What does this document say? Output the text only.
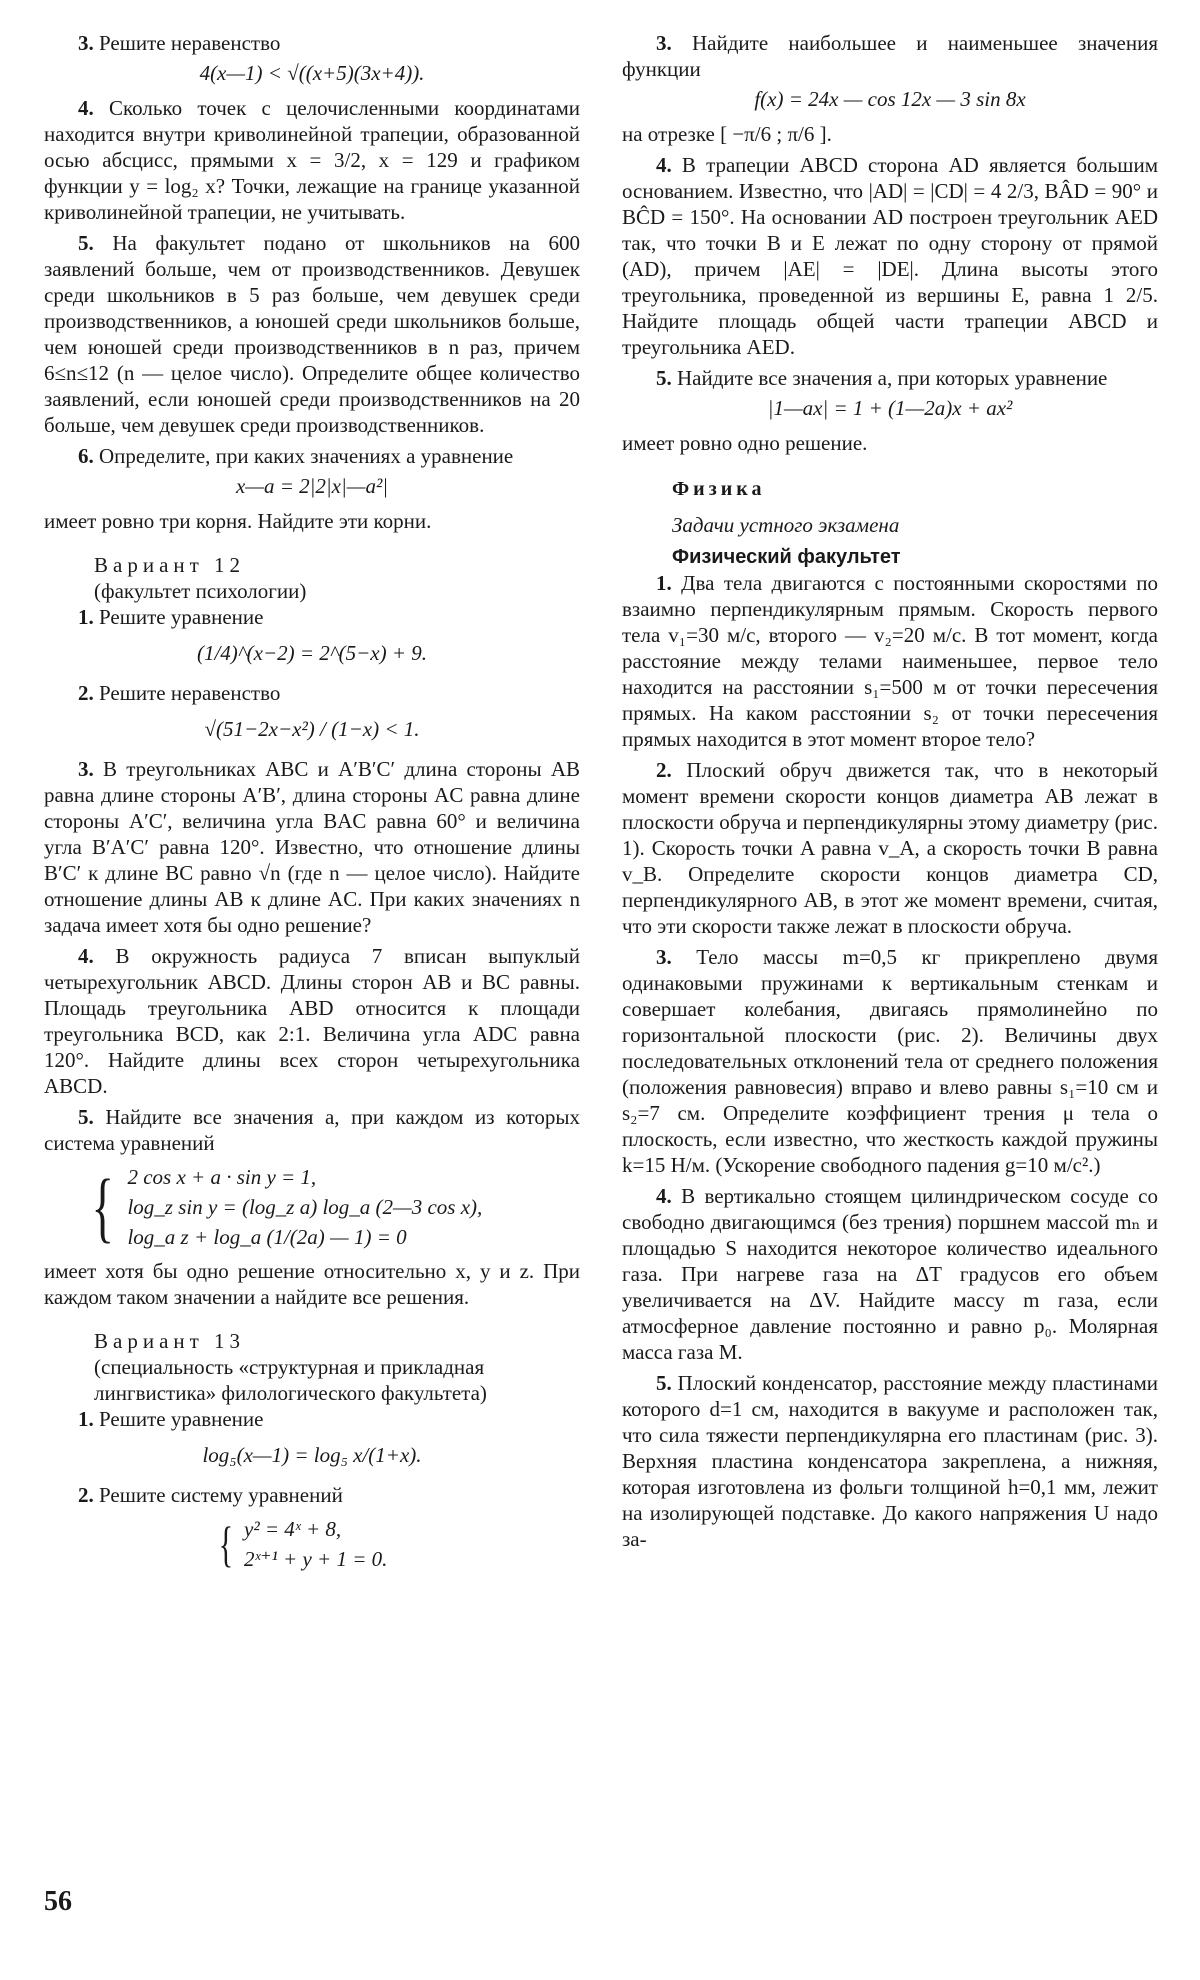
3. Решите неравенство

4(x—1) < √((x+5)(3x+4)).

4. Сколько точек с целочисленными координатами находится внутри криволинейной трапеции, образованной осью абсцисс, прямыми x = 3/2, x = 129 и графиком функции y = log₂ x? Точки, лежащие на границе указанной криволинейной трапеции, не учитывать.

5. На факультет подано от школьников на 600 заявлений больше, чем от производственников. Девушек среди школьников в 5 раз больше, чем девушек среди производственников, а юношей среди школьников больше, чем юношей среди производственников в n раз, причем 6≤n≤12 (n — целое число). Определите общее количество заявлений, если юношей среди производственников на 20 больше, чем девушек среди производственников.

6. Определите, при каких значениях a уравнение

x—a = 2|2|x|—a²|

имеет ровно три корня. Найдите эти корни.

Вариант 12
(факультет психологии)

1. Решите уравнение

(1/4)^(x−2) = 2^(5−x) + 9.

2. Решите неравенство

√(51−2x−x²) / (1−x) < 1.

3. В треугольниках ABC и A′B′C′ длина стороны AB равна длине стороны A′B′, длина стороны AC равна длине стороны A′C′, величина угла BAC равна 60° и величина угла B′A′C′ равна 120°. Известно, что отношение длины B′C′ к длине BC равно √n (где n — целое число). Найдите отношение длины AB к длине AC. При каких значениях n задача имеет хотя бы одно решение?

4. В окружность радиуса 7 вписан выпуклый четырехугольник ABCD. Длины сторон AB и BC равны. Площадь треугольника ABD относится к площади треугольника BCD, как 2:1. Величина угла ADC равна 120°. Найдите длины всех сторон четырехугольника ABCD.

5. Найдите все значения a, при каждом из которых система уравнений

{ 2 cos x + a · sin y = 1,
log_z sin y = (log_z a) log_a (2—3 cos x),
log_a z + log_a (1/(2a) — 1) = 0

имеет хотя бы одно решение относительно x, y и z. При каждом таком значении a найдите все решения.

Вариант 13
(специальность «структурная и прикладная лингвистика» филологического факультета)

1. Решите уравнение

log₅(x—1) = log₅ x/(1+x).

2. Решите систему уравнений

{ y² = 4ˣ + 8,
2ˣ⁺¹ + y + 1 = 0.

3. Найдите наибольшее и наименьшее значения функции

f(x) = 24x — cos 12x — 3 sin 8x

на отрезке [ −π/6 ; π/6 ].

4. В трапеции ABCD сторона AD является большим основанием. Известно, что |AD| = |CD| = 4 2/3, BÂD = 90° и BĈD = 150°. На основании AD построен треугольник AED так, что точки B и E лежат по одну сторону от прямой (AD), причем |AE| = |DE|. Длина высоты этого треугольника, проведенной из вершины E, равна 1 2/5. Найдите площадь общей части трапеции ABCD и треугольника AED.

5. Найдите все значения a, при которых уравнение

|1—ax| = 1 + (1—2a)x + ax²

имеет ровно одно решение.

Физика
Задачи устного экзамена
Физический факультет

1. Два тела двигаются с постоянными скоростями по взаимно перпендикулярным прямым. Скорость первого тела v₁=30 м/с, второго — v₂=20 м/с. В тот момент, когда расстояние между телами наименьшее, первое тело находится на расстоянии s₁=500 м от точки пересечения прямых. На каком расстоянии s₂ от точки пересечения прямых находится в этот момент второе тело?

2. Плоский обруч движется так, что в некоторый момент времени скорости концов диаметра AB лежат в плоскости обруча и перпендикулярны этому диаметру (рис. 1). Скорость точки A равна v_A, а скорость точки B равна v_B. Определите скорости концов диаметра CD, перпендикулярного AB, в этот же момент времени, считая, что эти скорости также лежат в плоскости обруча.

3. Тело массы m=0,5 кг прикреплено двумя одинаковыми пружинами к вертикальным стенкам и совершает колебания, двигаясь прямолинейно по горизонтальной плоскости (рис. 2). Величины двух последовательных отклонений тела от среднего положения (положения равновесия) вправо и влево равны s₁=10 см и s₂=7 см. Определите коэффициент трения μ тела о плоскость, если известно, что жесткость каждой пружины k=15 Н/м. (Ускорение свободного падения g=10 м/с².)

4. В вертикально стоящем цилиндрическом сосуде со свободно двигающимся (без трения) поршнем массой mₙ и площадью S находится некоторое количество идеального газа. При нагреве газа на ΔT градусов его объем увеличивается на ΔV. Найдите массу m газа, если атмосферное давление постоянно и равно p₀. Молярная масса газа M.

5. Плоский конденсатор, расстояние между пластинами которого d=1 см, находится в вакууме и расположен так, что сила тяжести перпендикулярна его пластинам (рис. 3). Верхняя пластина конденсатора закреплена, а нижняя, которая изготовлена из фольги толщиной h=0,1 мм, лежит на изолирующей подставке. До какого напряжения U надо за-

56
